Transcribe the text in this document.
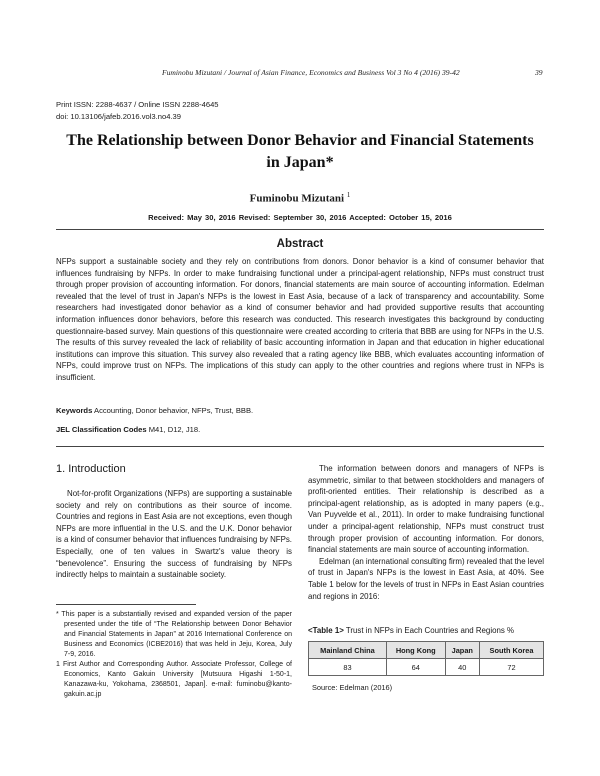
Fuminobu Mizutani / Journal of Asian Finance, Economics and Business Vol 3 No 4 (2016) 39-42	39
Print ISSN: 2288-4637 / Online ISSN 2288-4645
doi: 10.13106/jafeb.2016.vol3.no4.39
The Relationship between Donor Behavior and Financial Statements
in Japan*
Fuminobu Mizutani $^1$
Received: May 30, 2016 Revised: September 30, 2016 Accepted: October 15, 2016
Abstract

NFPs support a sustainable society and they rely on contributions from donors. Donor behavior is a kind of consumer behavior that influences fundraising by NFPs. In order to make fundraising functional under a principal-agent relationship, NFPs must construct trust through proper provision of accounting information. For donors, financial statements are main source of accounting information. Edelman revealed that the level of trust in Japan's NFPs is the lowest in East Asia, because of a lack of transparency and accountability. Some researchers had investigated donor behavior as a kind of consumer behavior and had provided supportive results that accounting information influences donor behaviors, before this research was conducted. This research investigates this background by conducting questionnaire-based survey. Main questions of this questionnaire were created according to criteria that BBB are using for NFPs in the U.S. The results of this survey revealed the lack of reliability of basic accounting information in Japan and that education in higher educational institutions can improve this situation. This survey also revealed that a rating agency like BBB, which evaluates accounting information of NFPs, could improve trust on NFPs. The implications of this study can apply to the other countries and regions where trust in NFPs is insufficient.

Keywords Accounting, Donor behavior, NFPs, Trust, BBB.
JEL Classification Codes M41, D12, J18.
1. Introduction

Not-for-profit Organizations (NFPs) are supporting a sustainable society and rely on contributions as their source of income. Countries and regions in East Asia are not exceptions, even though NFPs are more influential in the U.S. and the U.K. Donor behavior is a kind of consumer behavior that influences fundraising by NFPs. Especially, one of ten values in Swartz's value theory is “benevolence”. Ensuring the success of fundraising by NFPs indirectly helps to maintain a sustainable society.

* This paper is a substantially revised and expanded version of the paper presented under the title of “The Relationship between Donor Behavior and Financial Statements in Japan” at 2016 International Conference on Business and Economics (ICBE2016) that was held in Jeju, Korea, July 7-9, 2016.

1 First Author and Corresponding Author. Associate Professor, College of Economics, Kanto Gakuin University [Mutsuura Higashi 1-50-1, Kanazawa-ku, Yokohama, 2368501, Japan]. e-mail: fuminobu@kanto-gakuin.ac.jp

The information between donors and managers of NFPs is asymmetric, similar to that between stockholders and managers of profit-oriented entities. Their relationship is described as a principal-agent relationship, as is adopted in many papers (e.g., Van Puyvelde et al., 2011). In order to make fundraising functional under a principal-agent relationship, NFPs must construct trust through proper provision of accounting information. For donors, financial statements are main source of accounting information.

Edelman (an international consulting firm) revealed that the level of trust in Japan's NFPs is the lowest in East Asia, at 40%. See Table 1 below for the levels of trust in NFPs in East Asian countries and regions in 2016:

<Table 1> Trust in NFPs in Each Countries and Regions %
Mainland China	Hong Kong	Japan	South Korea
83	64	40	72
Source: Edelman (2016)
